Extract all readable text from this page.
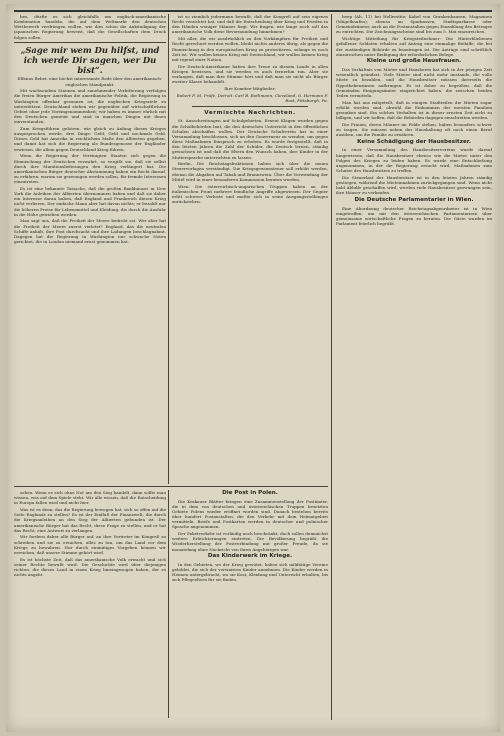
bes, dürfte es sich gleichfalls um englisch-amerikanische Kombination handeln, die auf dem Weltmarkt den deutschen Wettbewerb verdrängen wollen, wie dies schon die Ankündigung der japanischen Regierung beweist, daß die Gesellschaften dem Druck folgen sollen.

„Sage mir wem Du hilfst, und ich werde Dir sagen, wer Du bist“.

Elfenus Bebst: eine höchst interessante Rede über den amerikanisch-englischen Standpunkt.

Mit wachsendem Staunen und zunehmender Verbitterung verfolgen die freien Bürger Amerikas die amerikanische Politik, die Regierung in Washington offenbar gesonnen ist, die englischen Kriegsziele zu unterstützen. Deutschland stehen wir gegenüber auf wirtschaftlichem Gebiet ohne jede Voreingenommenheit; wir haben es immer ehrlich mit den Deutschen gemeint und sind in manchen Dingen mit ihnen einverstanden.

Zum Kriegsführen gehören, wie gleich zu Anfang dieses Krieges ausgesprochen wurde, drei Dinge: Geld, Geld und nochmals Geld. Dieses Geld hat Amerika in reichlichem Maße den Alliierten gegeben, und damit hat sich die Regierung als Bundesgenosse der Engländer erwiesen, die allein gegen Deutschland Krieg führen.

Wenn die Regierung der Vereinigten Staaten sich gegen die Einmischung der Deutschen verwahrt, so vergißt sie, daß sie selbst durch ihre Munitionslieferungen den Krieg verlängert hat. Die amerikanischen Bürger deutscher Abstammung haben ein Recht darauf, zu erfahren, warum sie gezwungen werden sollen, für fremde Interessen einzutreten.

Es ist eine bekannte Tatsache, daß die großen Bankhäuser in New York die Anleihen der Alliierten übernommen haben und daß sie daher ein Interesse daran haben, daß England und Frankreich diesen Krieg nicht verlieren. Der einfache Mann aber hat davon nichts; er bezahlt nur die höheren Preise für Lebensmittel und Kleidung, die durch die Ausfuhr in die Höhe getrieben werden.

Man sagt uns, daß die Freiheit der Meere bedroht sei. Wer aber hat die Freiheit der Meere zuerst verletzt? England, das die neutralen Schiffe anhält, ihre Post durchsucht und ihre Ladungen beschlagnahmt. Dagegen hat die Regierung in Washington nur schwache Noten gerichtet, die in London niemand ernst genommen hat.

ist so ziemlich jedermann bewußt, daß der Kongreß auf sein eigenes Recht verzichtet hat, und daß die Entscheidung über Krieg und Frieden in den Händen weniger Männer liegt. Wir fragen: wie lange noch soll das amerikanische Volk diese Bevormundung hinnehmen?

Mit aller, die wir ausdrücklich zu den Vorkämpfern für Freiheit und Recht gerechnet werden wollen, bleibt nichts anderes übrig, als gegen die Einmischung in den europäischen Krieg zu protestieren, solange es noch Zeit ist. Wir wollen keinen Krieg mit Deutschland, wir wollen keinen Krieg mit irgend einer Nation.

Die Deutsch-Amerikaner haben ihre Treue zu diesem Lande in allen Kriegen bewiesen, und sie werden es auch fernerhin tun. Aber sie verlangen, daß man ihre Stimme hört und daß man sie nicht als Bürger zweiter Klasse behandelt.

Ihre Komitee-Mitglieder:

Robert F. M. Prüfe, Detroit. Carl B. Rothmann, Cleveland, O. Hermann F. Rost, Pittsburgh, Pa.

Vermischte Nachrichten.

St. Ausschreitungen auf Schulgebieten. Erneut Klagen wurden gegen die Schulbehörden laut, die den deutschen Unterricht in den öffentlichen Schulen abschaffen wollen. Der Deutsche Schulverein hat in einer Versammlung beschlossen, sich an den Gouverneur zu wenden, um gegen diese Maßnahmen Einspruch zu erheben. Es wurde festgestellt, daß in den letzten Jahren die Zahl der Schüler, die Deutsch lernen, ständig gewachsen ist und daß die Eltern den Wunsch haben, ihre Kinder in der Muttersprache unterrichten zu lassen.

Berlin. Die Reichstagsfraktionen haben sich über die neuen Steuervorlagen verständigt. Die Kriegsgewinnsteuer soll erhöht werden, ebenso die Abgaben auf Tabak und Branntwein. Über die Verwendung der Mittel wird in einer besonderen Kommission beraten werden.

Wien. Die österreichisch-ungarischen Truppen haben an der italienischen Front mehrere feindliche Angriffe abgewiesen. Der Gegner erlitt schwere Verluste und mußte sich in seine Ausgangsstellungen zurückziehen.

beep (Ab. 11) bei Hollerstitz; Kabel von Grankenhausen, Magazinen (Mügelhaufen), ebenso an Sparkassen, Stadtsparkasse oder Gemeindeämter, auch an die Postanstalten gegen Einzahlung des Betrages zu entrichten. Die Zeichnungsscheine sind bis zum 5. Mai einzureichen.

Wichtige Mitteilung für Kriegsteilnehmer: Die Hinterbliebenen gefallener Soldaten erhalten auf Antrag eine einmalige Beihilfe, die bei der zuständigen Behörde zu beantragen ist. Die Anträge sind schriftlich einzureichen unter Beifügung der erforderlichen Belege.

Kleine und große Hausfrauen.

Das Verhältnis von Mieter und Hausherrn hat sich in der jetzigen Zeit wesentlich geändert. Viele Mieter sind nicht mehr imstande, die volle Miete zu bezahlen, und die Hausbesitzer müssen ihrerseits die Hypothekenzinsen aufbringen. Es ist daher zu begrüßen, daß die Gemeinden Einigungsämter eingerichtet haben, die zwischen beiden Teilen vermitteln.

Man hat uns mitgeteilt, daß in einigen Stadtteilen die Mieten sogar erhöht worden sind, obwohl die Einkommen der meisten Familien gesunken sind. Ein solches Verhalten ist in dieser ernsten Zeit nicht zu billigen, und wir hoffen, daß die Behörden dagegen einschreiten werden.

Die Frauen, deren Männer im Felde stehen, haben besonders schwer zu tragen. Sie müssen neben der Haushaltung oft noch einen Beruf ausüben, um die Familie zu ernähren.

Keine Schädigung der Hausbesitzer.

In einer Versammlung des Hausbesitzervereins wurde darauf hingewiesen, daß die Hausbesitzer ebenso wie die Mieter unter den Folgen des Krieges zu leiden haben. Es wurde eine Entschließung angenommen, in der die Regierung ersucht wird, Maßnahmen zum Schutze des Hausbesitzes zu treffen.

Die Steuerlast der Hausbesitzer ist in den letzten Jahren ständig gestiegen, während die Mieteinnahmen zurückgegangen sind. Wenn nicht bald Abhilfe geschaffen wird, werden viele Hausbesitzer gezwungen sein, ihre Häuser zu verkaufen.

Die Deutsche Parlamentarier in Wien.

Eine Abordnung deutscher Reichstagsabgeordneter ist in Wien eingetroffen, um mit den österreichischen Parlamentariern über gemeinsame wirtschaftliche Fragen zu beraten. Die Gäste wurden im Parlament feierlich begrüßt.

sehen. Wenn es sich ohne Not um den Sieg handelt, dann sollte man wissen, was auf dem Spiele steht. Wir alle wissen, daß die Entscheidung in Europa fallen wird und nicht hier.

Was ist es denn, das die Regierung bewogen hat, sich so offen auf die Seite Englands zu stellen? Es ist der Einfluß der Finanzwelt, die durch die Kriegsanleihen an den Sieg der Alliierten gebunden ist. Der amerikanische Bürger hat das Recht, diese Frage zu stellen, und er hat das Recht, eine Antwort zu verlangen.

Wir fordern daher alle Bürger auf, an ihre Vertreter im Kongreß zu schreiben und sie zu ersuchen, alles zu tun, um das Land vor dem Kriege zu bewahren. Nur durch einmütiges Vorgehen können wir erreichen, daß unsere Stimme gehört wird.

Es ist höchste Zeit, daß das amerikanische Volk erwacht und sich seiner Rechte bewußt wird. Die Geschichte wird über diejenigen richten, die dieses Land in einen Krieg hineingezogen haben, der es nichts angeht.

Die Post in Polen.

Die Krakauer Blätter bringen eine Zusammenstellung der Postämter, die in dem von deutschen und österreichischen Truppen besetzten Gebiete Polens wieder eröffnet worden sind. Danach bestehen bereits über hundert Postanstalten, die den Verkehr mit dem Heimatgebiet vermitteln. Briefe und Postkarten werden in deutscher und polnischer Sprache angenommen.

Der Paketverkehr ist vorläufig noch beschränkt, doch sollen demnächst weitere Erleichterungen eintreten. Die Bevölkerung begrüßt die Wiederherstellung der Postverbindung mit großer Freude, da sie monatelang ohne Nachricht von ihren Angehörigen war.

Das Kinderwerk im Kriege.

In den Gebieten, wo der Krieg gewütet, haben sich mildtätige Vereine gebildet, die sich der verwaisten Kinder annehmen. Die Kinder werden in Heimen untergebracht, wo sie Kost, Kleidung und Unterricht erhalten, bis sich Pflegeeltern für sie finden.
